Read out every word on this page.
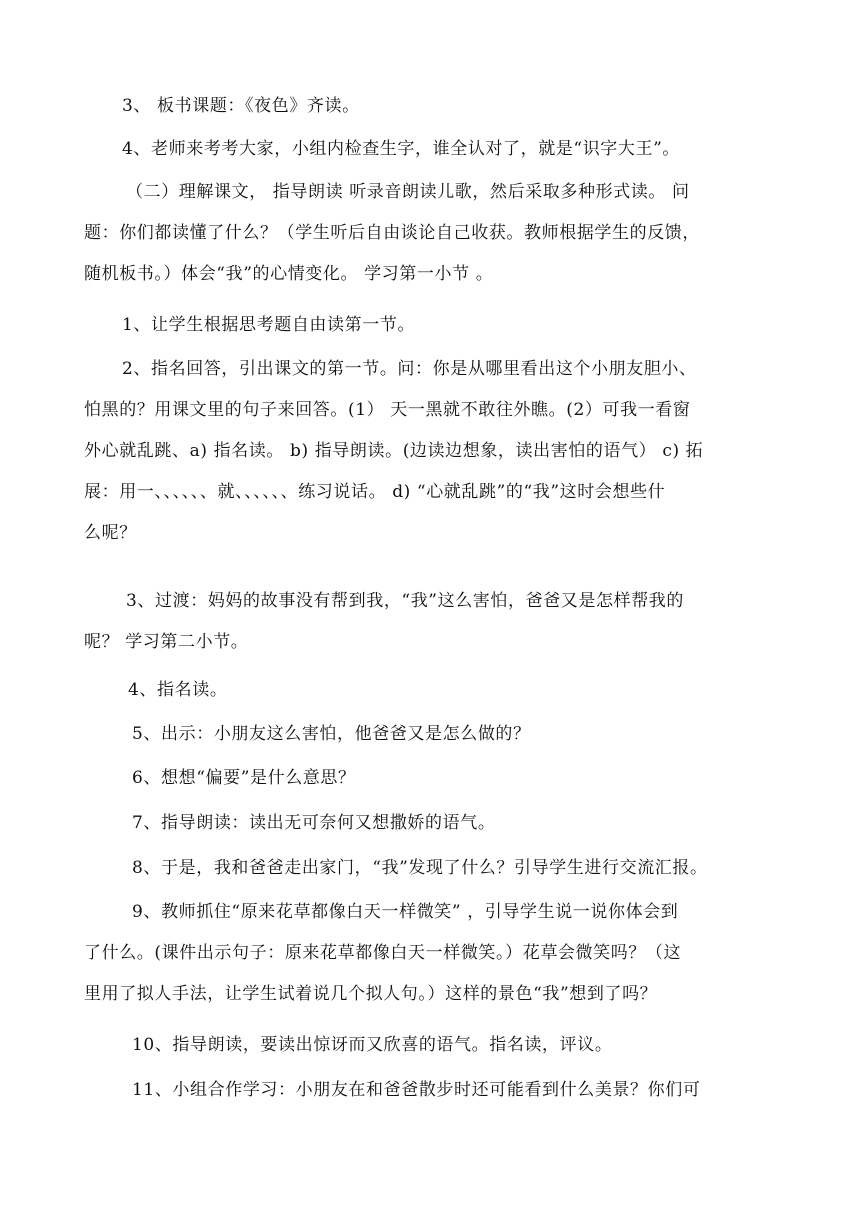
3、 板书课题：《夜色》齐读。

4、老师来考考大家，小组内检查生字，谁全认对了，就是“识字大王”。

（二）理解课文， 指导朗读 听录音朗读儿歌，然后采取多种形式读。 问
题：你们都读懂了什么？（学生听后自由谈论自己收获。教师根据学生的反馈，
随机板书。）体会“我”的心情变化。 学习第一小节 。

1、让学生根据思考题自由读第一节。

2、指名回答，引出课文的第一节。问：你是从哪里看出这个小朋友胆小、
怕黑的？用课文里的句子来回答。(1） 天一黑就不敢往外瞧。(2）可我一看窗
外心就乱跳、a) 指名读。 b) 指导朗读。(边读边想象，读出害怕的语气） c) 拓
展：用一、、、、、、就、、、、、、练习说话。 d) “心就乱跳”的“我”这时会想些什
么呢？

3、过渡：妈妈的故事没有帮到我，“我”这么害怕，爸爸又是怎样帮我的
呢？ 学习第二小节。

4、指名读。

5、出示：小朋友这么害怕，他爸爸又是怎么做的？

6、想想“偏要”是什么意思？

7、指导朗读：读出无可奈何又想撒娇的语气。

8、于是，我和爸爸走出家门，“我”发现了什么？引导学生进行交流汇报。

9、教师抓住“原来花草都像白天一样微笑” ，引导学生说一说你体会到
了什么。(课件出示句子：原来花草都像白天一样微笑。）花草会微笑吗？（这
里用了拟人手法，让学生试着说几个拟人句。）这样的景色“我”想到了吗？

10、指导朗读，要读出惊讶而又欣喜的语气。指名读，评议。

11、小组合作学习：小朋友在和爸爸散步时还可能看到什么美景？你们可
